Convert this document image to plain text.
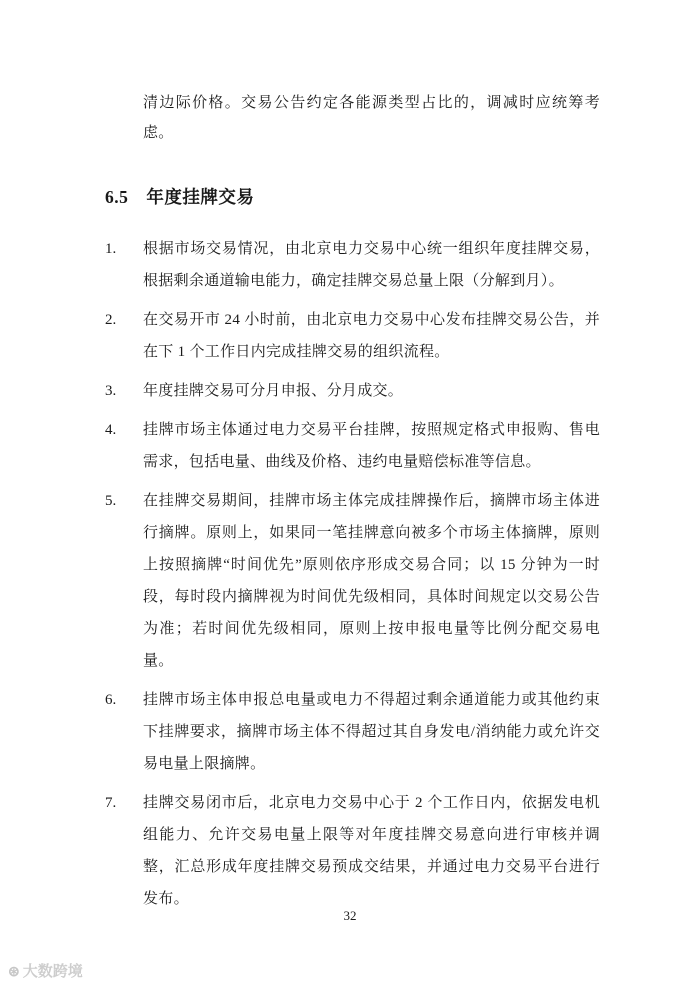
清边际价格。交易公告约定各能源类型占比的，调减时应统筹考虑。

6.5 年度挂牌交易
1.	根据市场交易情况，由北京电力交易中心统一组织年度挂牌交易，根据剩余通道输电能力，确定挂牌交易总量上限（分解到月）。
2.	在交易开市 24 小时前，由北京电力交易中心发布挂牌交易公告，并在下 1 个工作日内完成挂牌交易的组织流程。
3.	年度挂牌交易可分月申报、分月成交。
4.	挂牌市场主体通过电力交易平台挂牌，按照规定格式申报购、售电需求，包括电量、曲线及价格、违约电量赔偿标准等信息。
5.	在挂牌交易期间，挂牌市场主体完成挂牌操作后，摘牌市场主体进行摘牌。原则上，如果同一笔挂牌意向被多个市场主体摘牌，原则上按照摘牌“时间优先”原则依序形成交易合同；以 15 分钟为一时段，每时段内摘牌视为时间优先级相同，具体时间规定以交易公告为准；若时间优先级相同，原则上按申报电量等比例分配交易电量。
6.	挂牌市场主体申报总电量或电力不得超过剩余通道能力或其他约束下挂牌要求，摘牌市场主体不得超过其自身发电/消纳能力或允许交易电量上限摘牌。
7.	挂牌交易闭市后，北京电力交易中心于 2 个工作日内，依据发电机组能力、允许交易电量上限等对年度挂牌交易意向进行审核并调整，汇总形成年度挂牌交易预成交结果，并通过电力交易平台进行发布。
32
⊛ 大数跨境
